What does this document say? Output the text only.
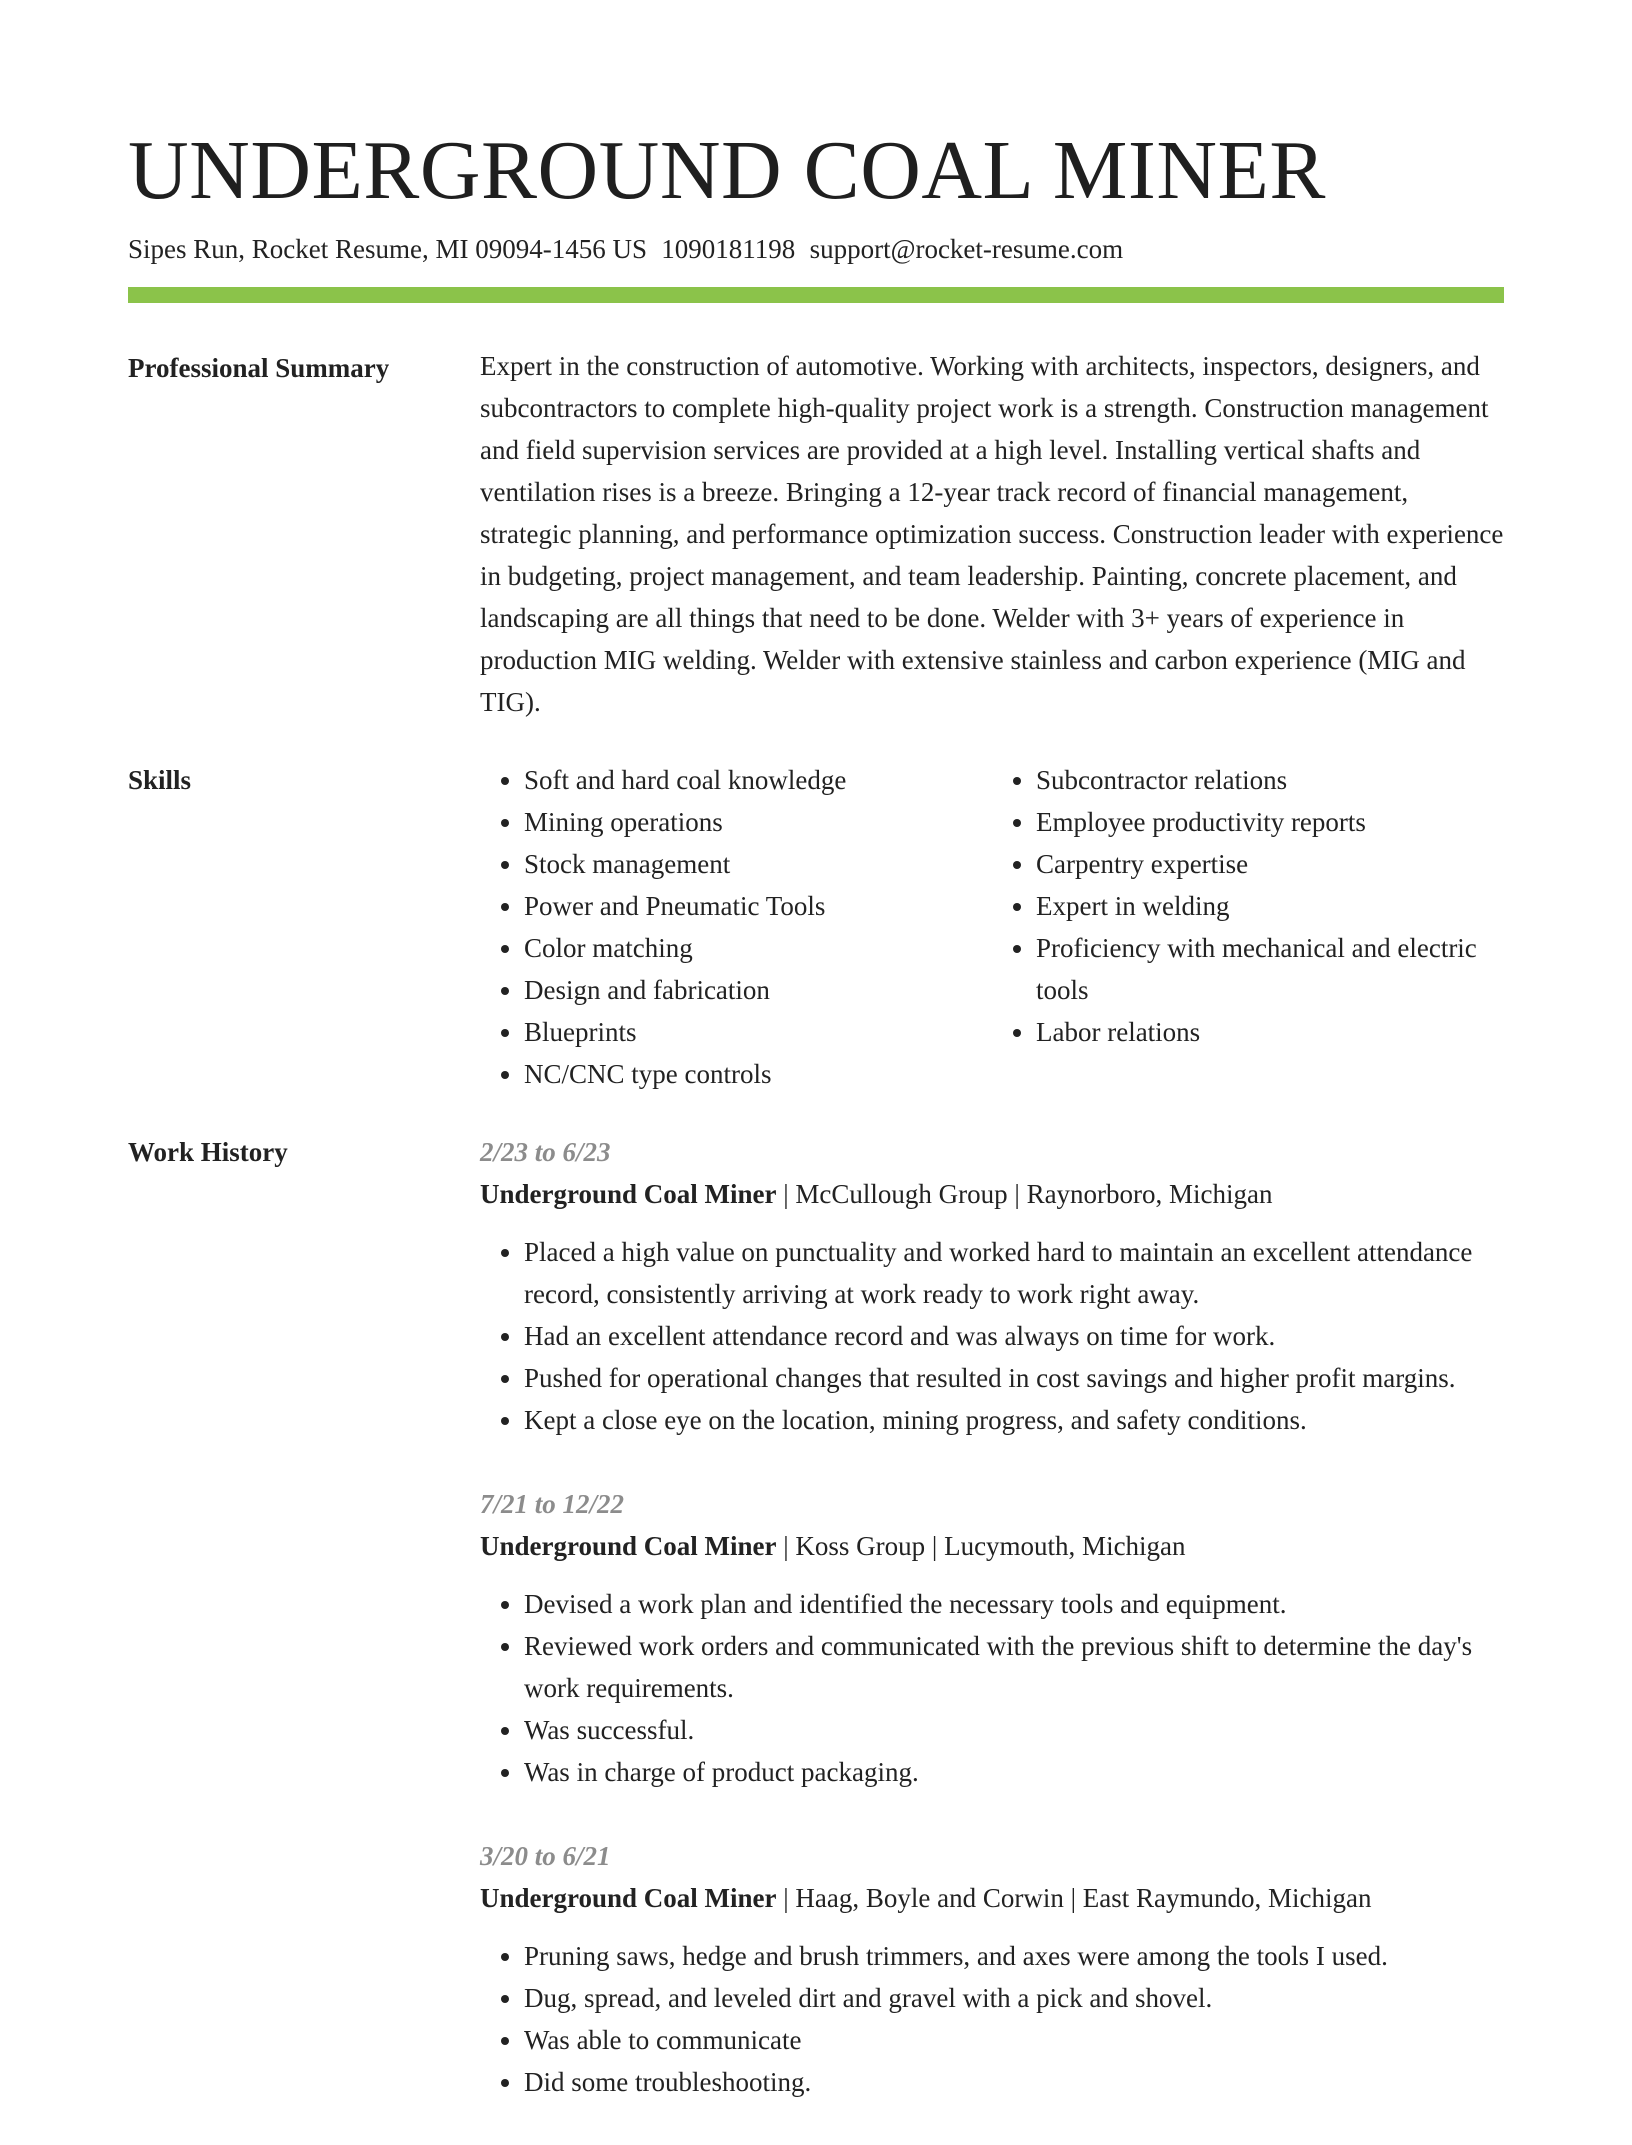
UNDERGROUND COAL MINER
Sipes Run, Rocket Resume, MI 09094-1456 US 1090181198 support@rocket-resume.com
Professional Summary	Expert in the construction of automotive. Working with architects, inspectors, designers, and subcontractors to complete high-quality project work is a strength. Construction management and field supervision services are provided at a high level. Installing vertical shafts and ventilation rises is a breeze. Bringing a 12-year track record of financial management, strategic planning, and performance optimization success. Construction leader with experience in budgeting, project management, and team leadership. Painting, concrete placement, and landscaping are all things that need to be done. Welder with 3+ years of experience in production MIG welding. Welder with extensive stainless and carbon experience (MIG and TIG).

Skills
•	Soft and hard coal knowledge
• Mining operations
• Stock management
• Power and Pneumatic Tools
• Color matching
• Design and fabrication
• Blueprints
• NC/CNC type controls
• Subcontractor relations
• Employee productivity reports
• Carpentry expertise
• Expert in welding
• Proficiency with mechanical and electric tools
• Labor relations
Work History	2/23 to 6/23
Underground Coal Miner | McCullough Group | Raynorboro, Michigan
• Placed a high value on punctuality and worked hard to maintain an excellent attendance record, consistently arriving at work ready to work right away.
• Had an excellent attendance record and was always on time for work.
• Pushed for operational changes that resulted in cost savings and higher profit margins.
• Kept a close eye on the location, mining progress, and safety conditions.
7/21 to 12/22
Underground Coal Miner | Koss Group | Lucymouth, Michigan
• Devised a work plan and identified the necessary tools and equipment.
• Reviewed work orders and communicated with the previous shift to determine the day's work requirements.
• Was successful.
• Was in charge of product packaging.
3/20 to 6/21
Underground Coal Miner | Haag, Boyle and Corwin | East Raymundo, Michigan
• Pruning saws, hedge and brush trimmers, and axes were among the tools I used.
• Dug, spread, and leveled dirt and gravel with a pick and shovel.
• Was able to communicate
• Did some troubleshooting.
